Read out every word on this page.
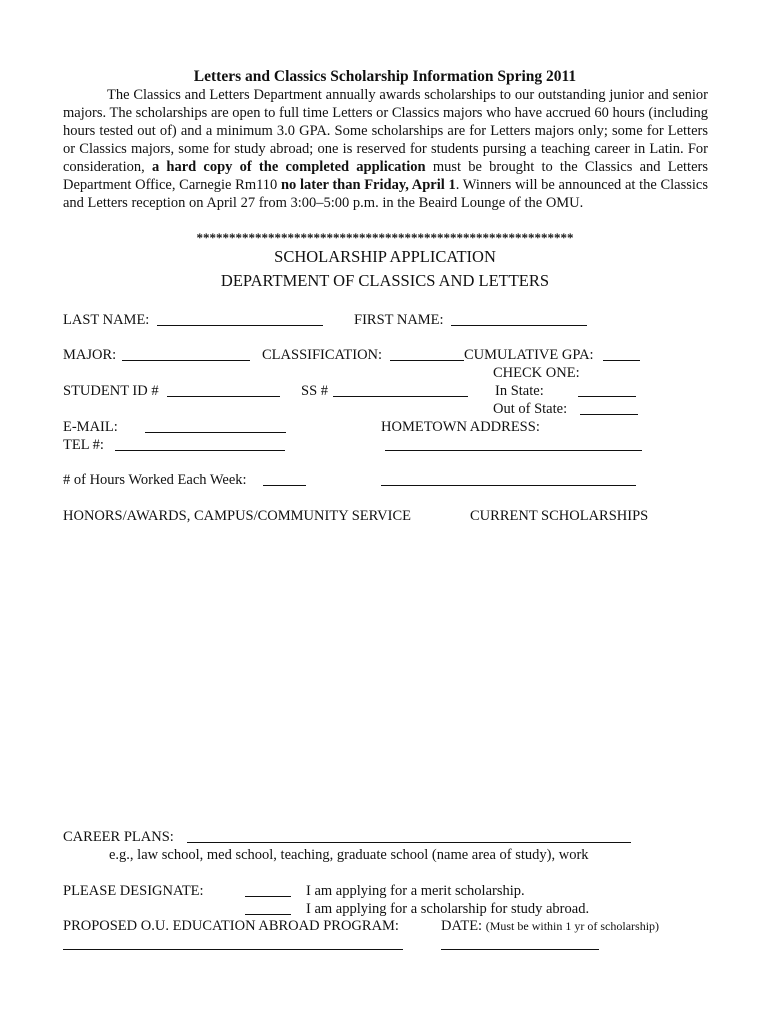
Letters and Classics Scholarship Information Spring 2011
The Classics and Letters Department annually awards scholarships to our outstanding junior and senior majors. The scholarships are open to full time Letters or Classics majors who have accrued 60 hours (including hours tested out of) and a minimum 3.0 GPA. Some scholarships are for Letters majors only; some for Letters or Classics majors, some for study abroad; one is reserved for students pursing a teaching career in Latin. For consideration, a hard copy of the completed application must be brought to the Classics and Letters Department Office, Carnegie Rm110 no later than Friday, April 1. Winners will be announced at the Classics and Letters reception on April 27 from 3:00–5:00 p.m. in the Beaird Lounge of the OMU.
**********************************************************
SCHOLARSHIP APPLICATION
DEPARTMENT OF CLASSICS AND LETTERS
LAST NAME:	FIRST NAME:
MAJOR:	CLASSIFICATION:	CUMULATIVE GPA:
CHECK ONE:
STUDENT ID #	SS #	In State:
Out of State:
E-MAIL:	HOMETOWN ADDRESS:
TEL #:
# of Hours Worked Each Week:
HONORS/AWARDS, CAMPUS/COMMUNITY SERVICE	CURRENT SCHOLARSHIPS
CAREER PLANS:
e.g., law school, med school, teaching, graduate school (name area of study), work
PLEASE DESIGNATE:	I am applying for a merit scholarship.
I am applying for a scholarship for study abroad.
PROPOSED O.U. EDUCATION ABROAD PROGRAM:	DATE: (Must be within 1 yr of scholarship)
